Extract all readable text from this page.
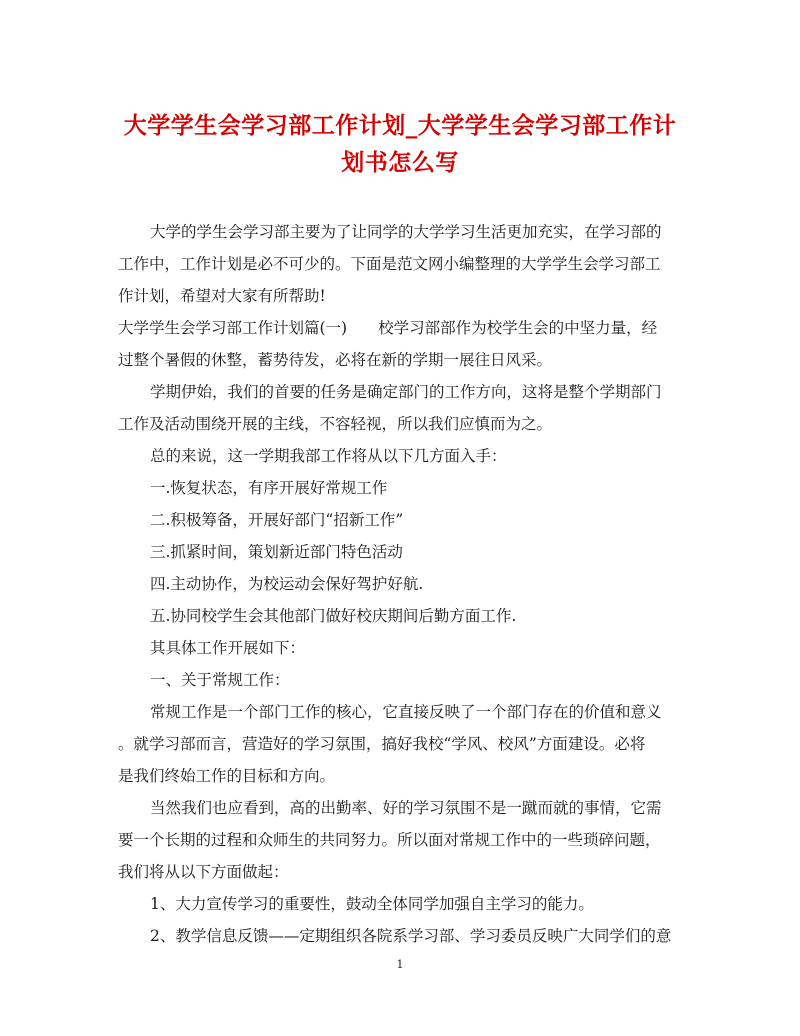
大学学生会学习部工作计划_大学学生会学习部工作计
划书怎么写
大学的学生会学习部主要为了让同学的大学学习生活更加充实，在学习部的
工作中，工作计划是必不可少的。下面是范文网小编整理的大学学生会学习部工
作计划，希望对大家有所帮助!
大学学生会学习部工作计划篇(一)　　校学习部部作为校学生会的中坚力量，经
过整个暑假的休整，蓄势待发，必将在新的学期一展往日风采。
学期伊始，我们的首要的任务是确定部门的工作方向，这将是整个学期部门
工作及活动围绕开展的主线，不容轻视，所以我们应慎而为之。
总的来说，这一学期我部工作将从以下几方面入手：
一.恢复状态，有序开展好常规工作
二.积极筹备，开展好部门“招新工作”
三.抓紧时间，策划新近部门特色活动
四.主动协作，为校运动会保好驾护好航.
五.协同校学生会其他部门做好校庆期间后勤方面工作.
其具体工作开展如下：
一、关于常规工作：
常规工作是一个部门工作的核心，它直接反映了一个部门存在的价值和意义
。就学习部而言，营造好的学习氛围，搞好我校“学风、校风”方面建设。必将
是我们终始工作的目标和方向。
当然我们也应看到，高的出勤率、好的学习氛围不是一蹴而就的事情，它需
要一个长期的过程和众师生的共同努力。所以面对常规工作中的一些琐碎问题，
我们将从以下方面做起：
1、大力宣传学习的重要性，鼓动全体同学加强自主学习的能力。
2、教学信息反馈——定期组织各院系学习部、学习委员反映广大同学们的意
1
